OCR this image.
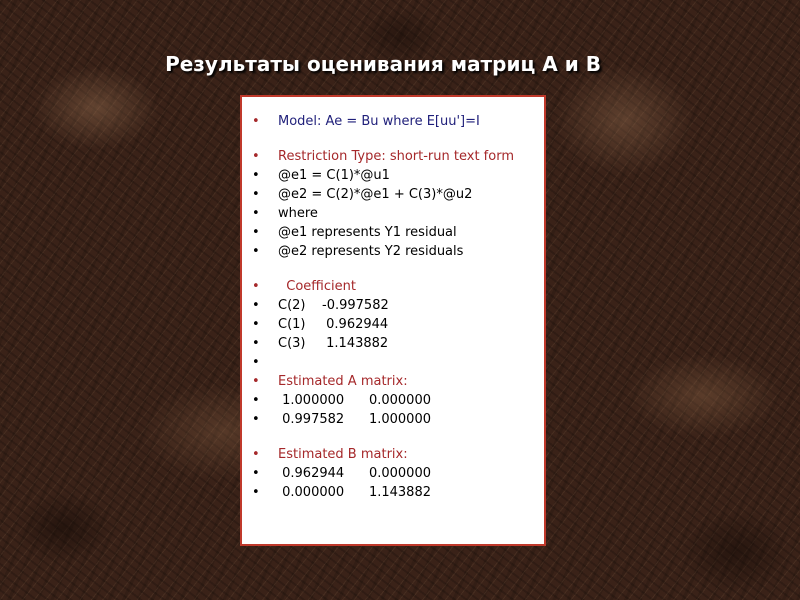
Результаты оценивания матриц А и В
• Model: Ae = Bu where E[uu']=I
• Restriction Type: short-run text form
• @e1 = C(1)*@u1
• @e2 = C(2)*@e1 + C(3)*@u2
• where
• @e1 represents Y1 residual
• @e2 represents Y2 residuals
•   Coefficient
• C(2)    -0.997582
• C(1)     0.962944
• C(3)     1.143882
•
• Estimated A matrix:
•  1.000000      0.000000
•  0.997582      1.000000
• Estimated B matrix:
•  0.962944      0.000000
•  0.000000      1.143882
